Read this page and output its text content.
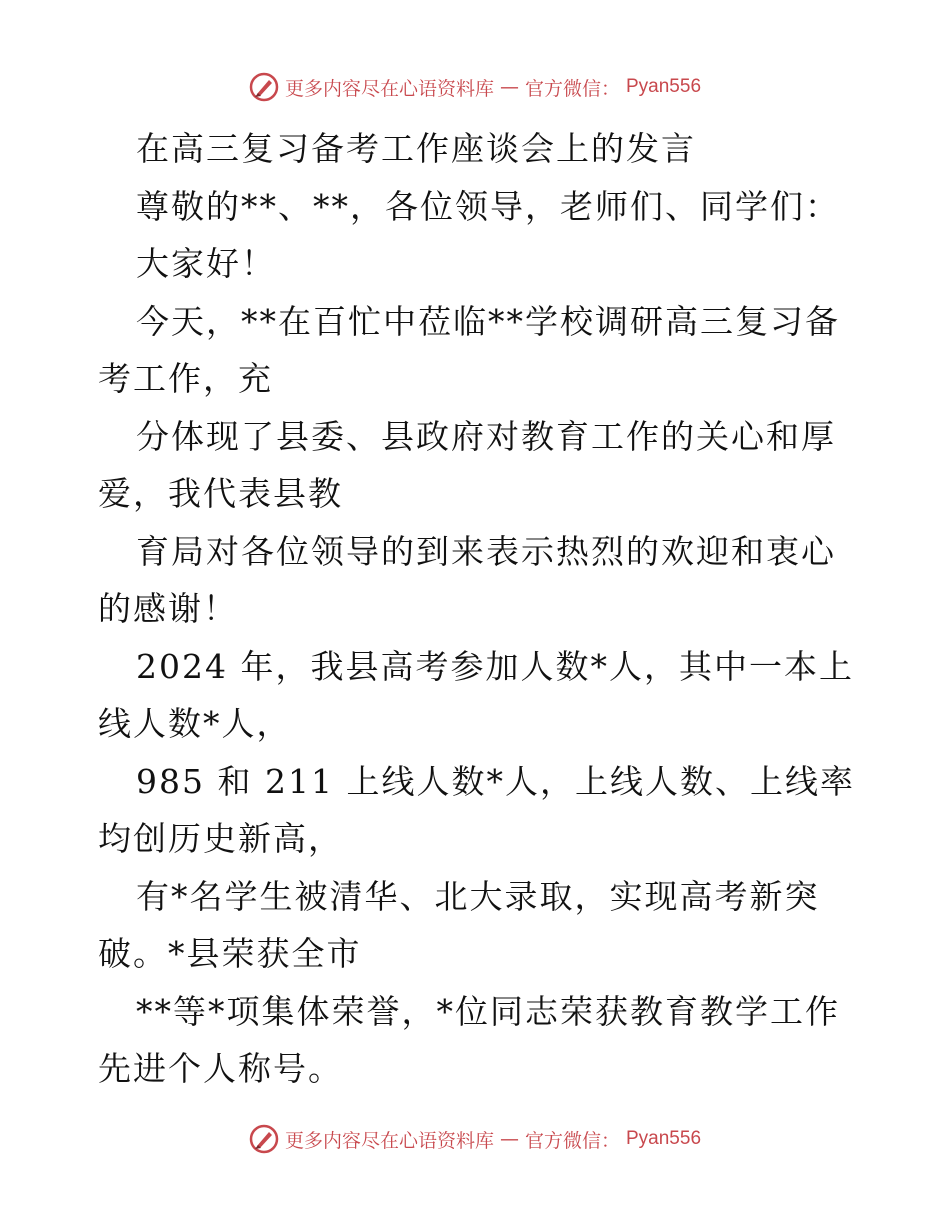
更多内容尽在心语资料库 — 官方微信： Pyan556

在高三复习备考工作座谈会上的发言

尊敬的**、**，各位领导，老师们、同学们：

大家好！

今天，**在百忙中莅临**学校调研高三复习备考工作，充

分体现了县委、县政府对教育工作的关心和厚爱，我代表县教

育局对各位领导的到来表示热烈的欢迎和衷心的感谢！

2024 年，我县高考参加人数*人，其中一本上线人数*人，

985 和 211 上线人数*人，上线人数、上线率均创历史新高，

有*名学生被清华、北大录取，实现高考新突破。*县荣获全市

**等*项集体荣誉，*位同志荣获教育教学工作先进个人称号。

更多内容尽在心语资料库 — 官方微信： Pyan556
